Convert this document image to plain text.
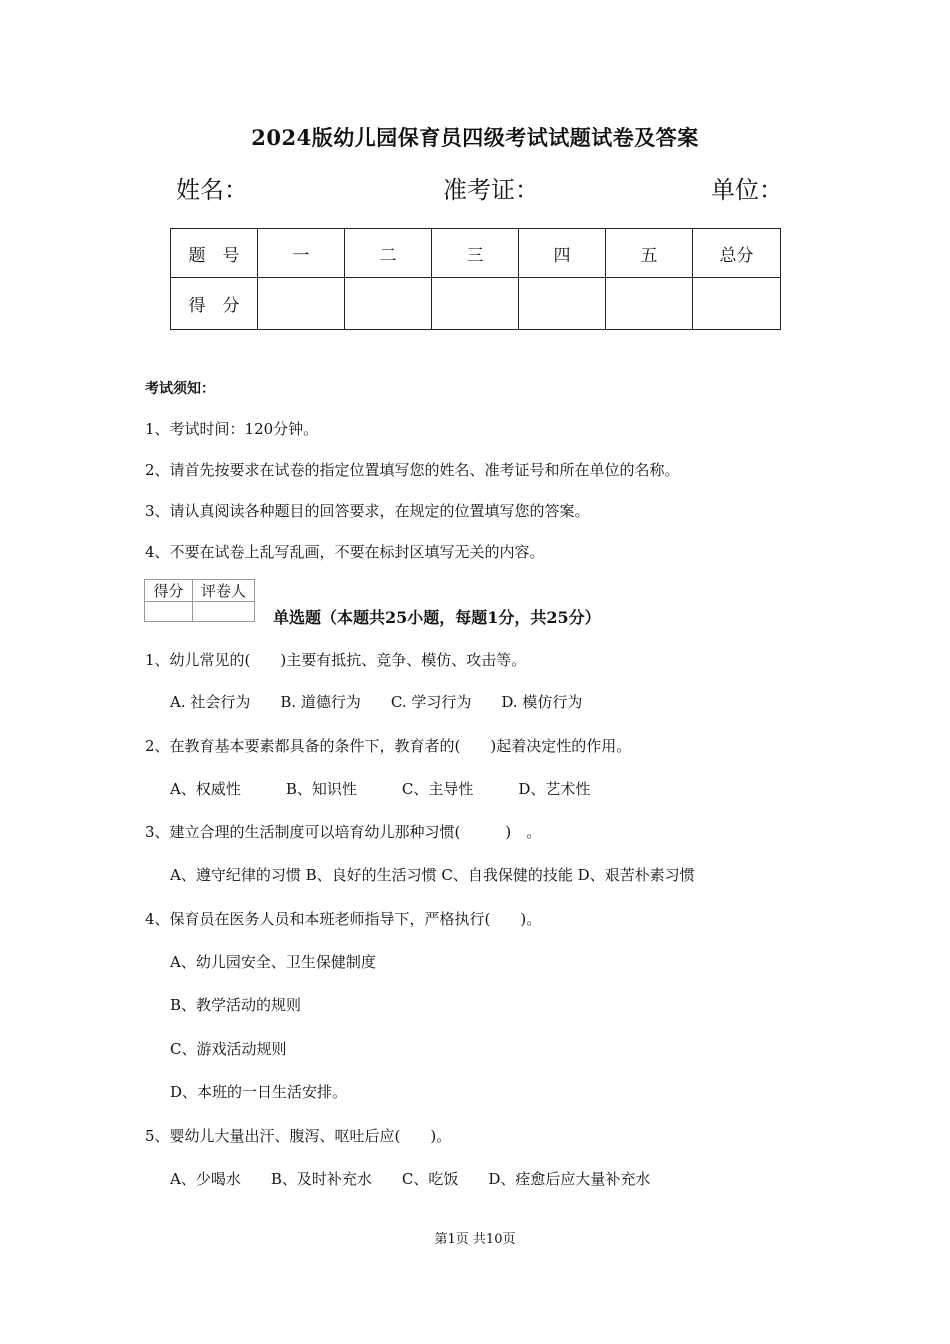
2024版幼儿园保育员四级考试试题试卷及答案
姓名：	准考证：	单位：
题　号	一	二	三	四	五	总分
得　分						
考试须知：
1、考试时间：120分钟。
2、请首先按要求在试卷的指定位置填写您的姓名、准考证号和所在单位的名称。
3、请认真阅读各种题目的回答要求，在规定的位置填写您的答案。
4、不要在试卷上乱写乱画，不要在标封区填写无关的内容。
得分	评卷人

单选题（本题共25小题，每题1分，共25分）
1、幼儿常见的(　　)主要有抵抗、竞争、模仿、攻击等。
A. 社会行为　　B. 道德行为　　C. 学习行为　　D. 模仿行为
2、在教育基本要素都具备的条件下，教育者的(　　)起着决定性的作用。
A、权威性　　　B、知识性　　　C、主导性　　　D、艺术性
3、建立合理的生活制度可以培育幼儿那种习惯(　　　)　。
A、遵守纪律的习惯 B、良好的生活习惯 C、自我保健的技能 D、艰苦朴素习惯
4、保育员在医务人员和本班老师指导下，严格执行(　　)。
A、幼儿园安全、卫生保健制度
B、教学活动的规则
C、游戏活动规则
D、本班的一日生活安排。
5、婴幼儿大量出汗、腹泻、呕吐后应(　　)。
A、少喝水　　B、及时补充水　　C、吃饭　　D、痊愈后应大量补充水
第1页 共10页
